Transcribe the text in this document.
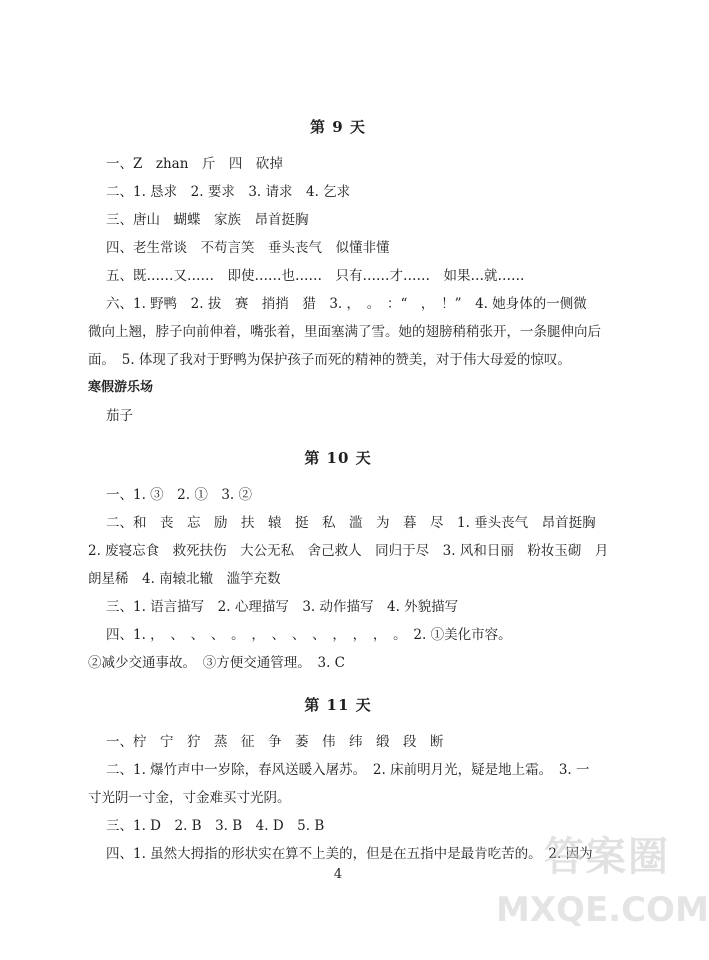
第 9 天
一、Z　zhan　斤　四　砍掉
二、1. 恳求　2. 要求　3. 请求　4. 乞求
三、唐山　蝴蝶　家族　昂首挺胸
四、老生常谈　不苟言笑　垂头丧气　似懂非懂
五、既……又……　即使……也……　只有……才……　如果…就……
六、1. 野鸭　2. 拔　赛　捎捎　猎　3. ，　。　：“　，　！”　4. 她身体的一侧微
微向上翘，脖子向前伸着，嘴张着，里面塞满了雪。她的翅膀稍稍张开，一条腿伸向后
面。　5. 体现了我对于野鸭为保护孩子而死的精神的赞美，对于伟大母爱的惊叹。
寒假游乐场
茄子
第 10 天
一、1. ③　2. ①　3. ②
二、和　丧　忘　励　扶　辕　挺　私　滥　为　暮　尽　1. 垂头丧气　昂首挺胸
2. 废寝忘食　救死扶伤　大公无私　舍己救人　同归于尽　3. 风和日丽　粉妆玉砌　月
朗星稀　4. 南辕北辙　滥竽充数
三、1. 语言描写　2. 心理描写　3. 动作描写　4. 外貌描写
四、1. ，　、　、　、　。　，　、　、　、　，　，　，　。　2. ①美化市容。
②减少交通事故。　③方便交通管理。　3. C
第 11 天
一、柠　宁　狞　蒸　征　争　萎　伟　纬　缎　段　断
二、1. 爆竹声中一岁除，春风送暖入屠苏。　2. 床前明月光，疑是地上霜。　3. 一
寸光阴一寸金，寸金难买寸光阴。
三、1. D　2. B　3. B　4. D　5. B
四、1. 虽然大拇指的形状实在算不上美的，但是在五指中是最肯吃苦的。　2. 因为
4	答案圈
MXQE.COM
